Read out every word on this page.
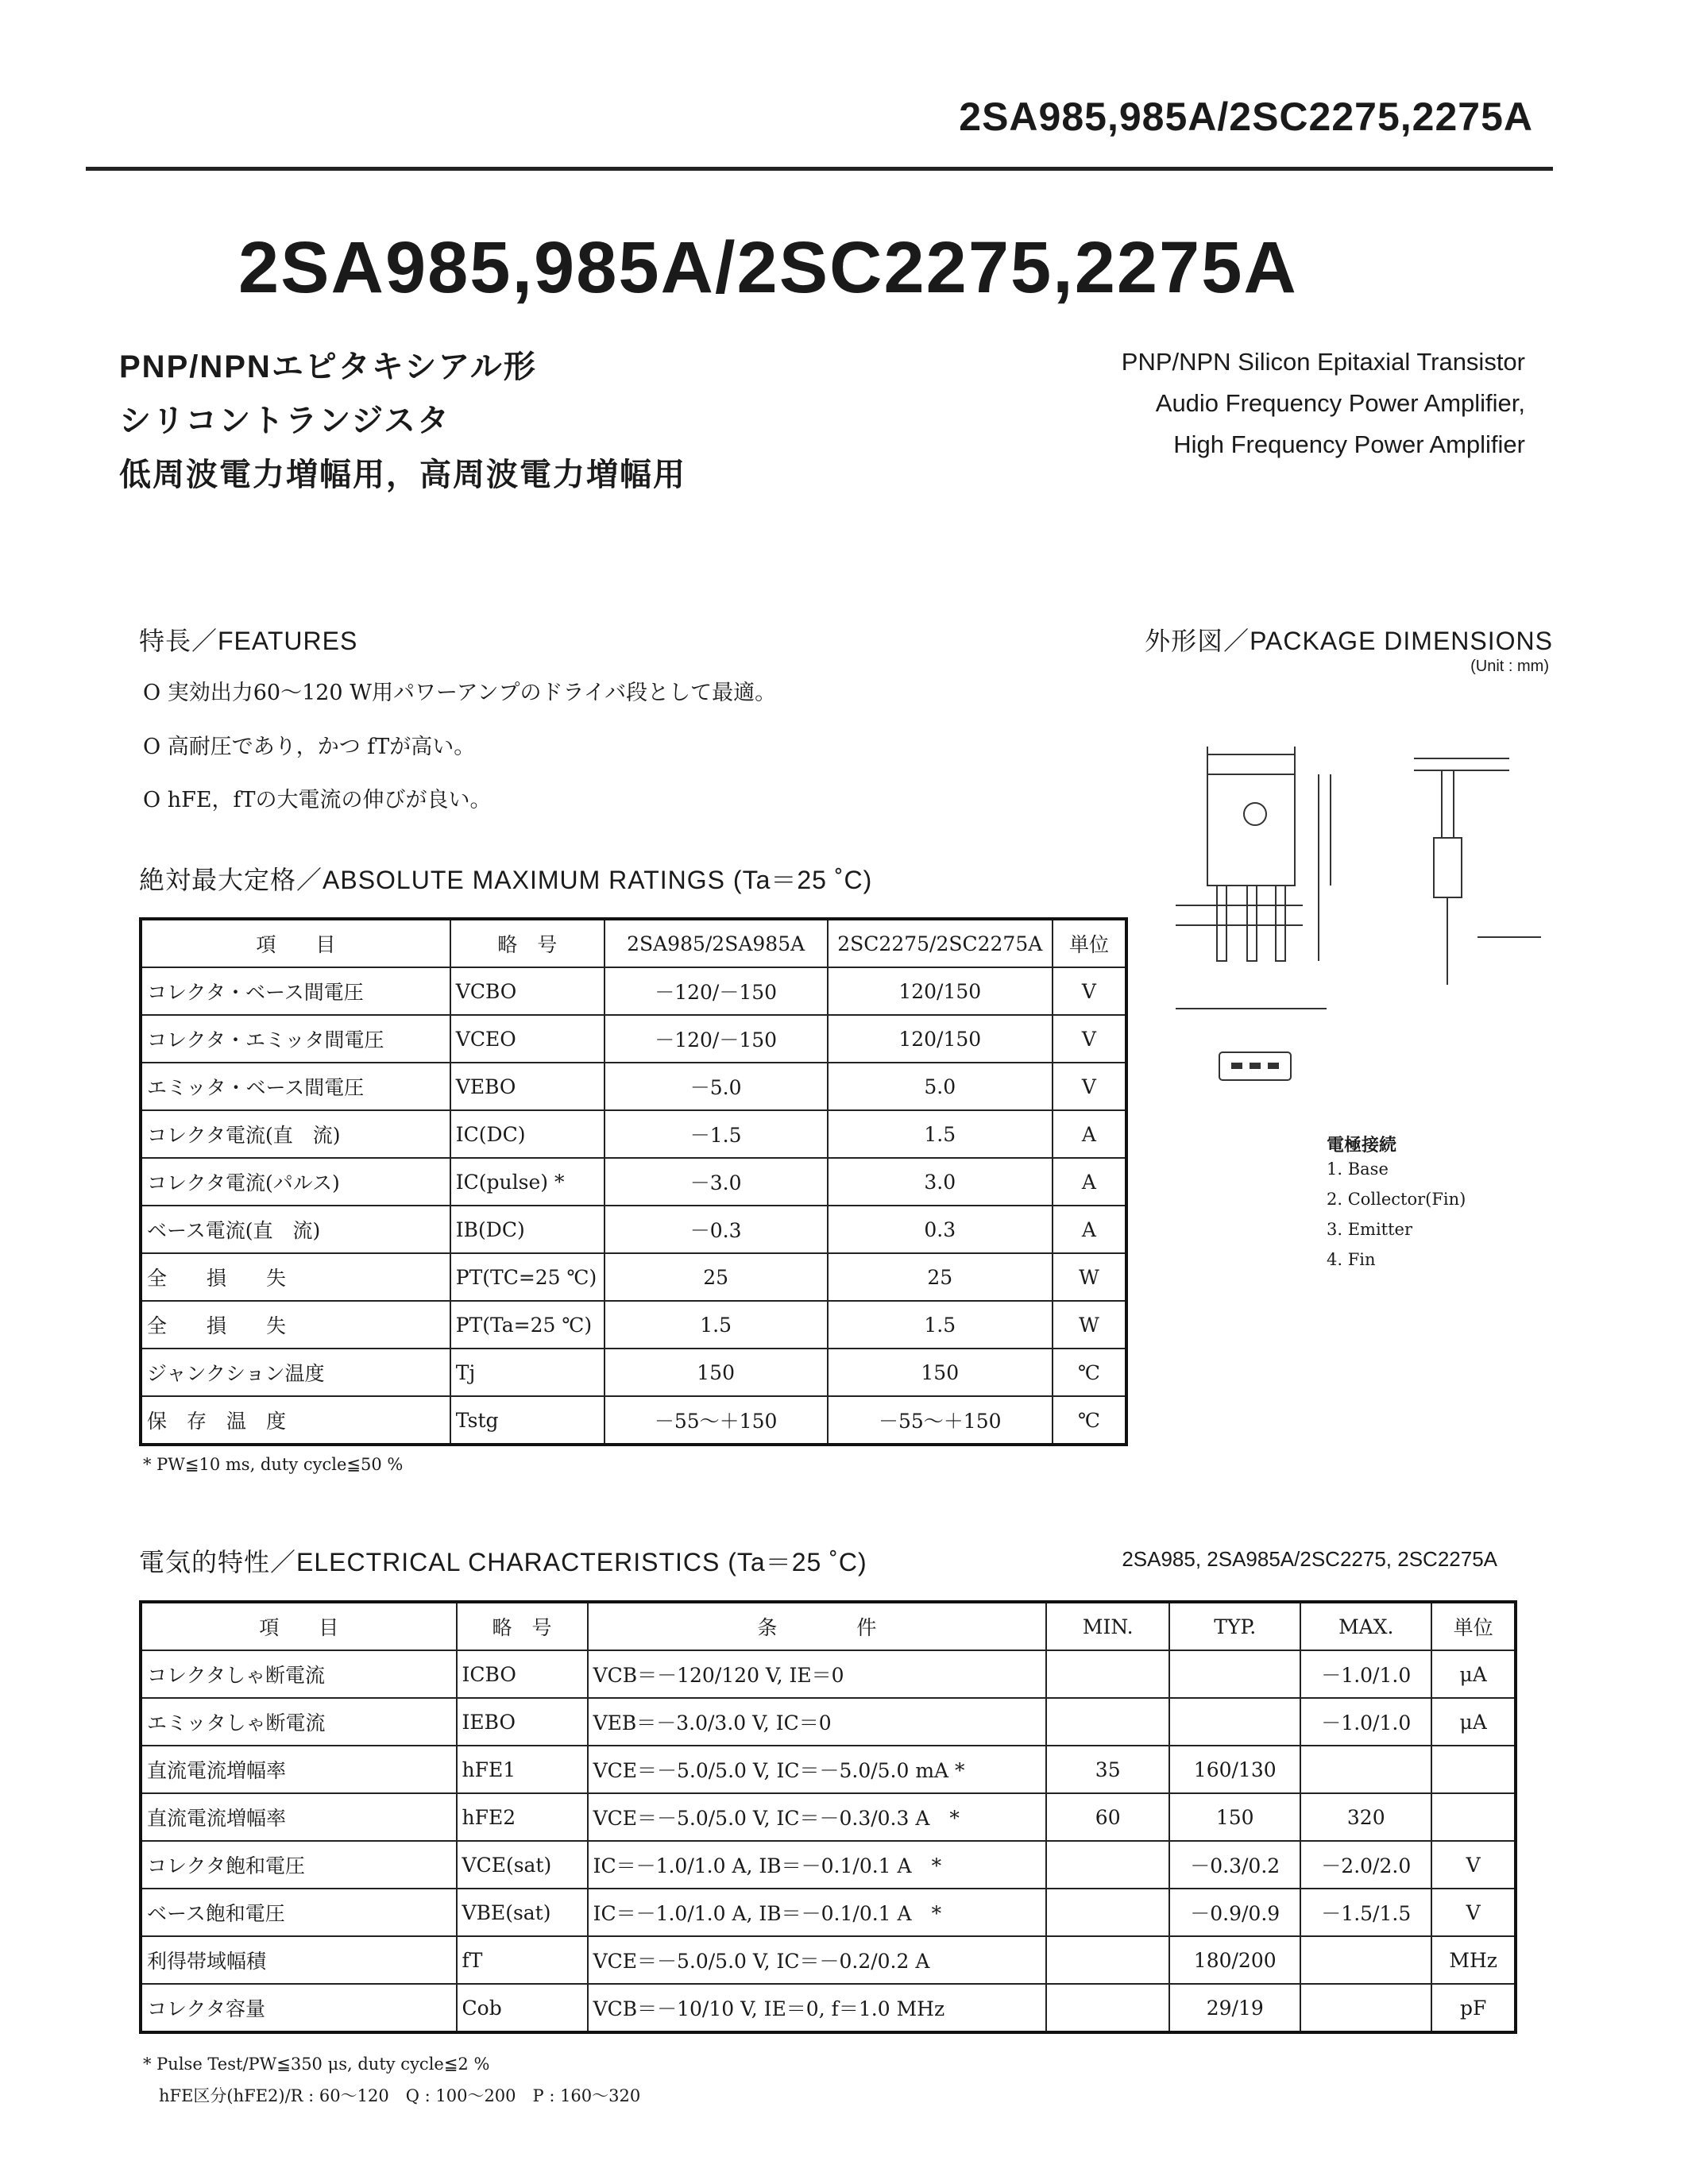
2SA985,985A/2SC2275,2275A
2SA985,985A/2SC2275,2275A
PNP/NPNエピタキシアル形
シリコントランジスタ
低周波電力増幅用，高周波電力増幅用
PNP/NPN Silicon Epitaxial Transistor
Audio Frequency Power Amplifier,
High Frequency Power Amplifier
特長／FEATURES
O 実効出力60～120 W用パワーアンプのドライバ段として最適。
O 高耐圧であり，かつ fTが高い。
O hFE，fTの大電流の伸びが良い。
外形図／PACKAGE DIMENSIONS
(Unit : mm)
電極接続
1. Base
2. Collector(Fin)
3. Emitter
4. Fin
絶対最大定格／ABSOLUTE MAXIMUM RATINGS (Ta＝25 ˚C)
項　　目	略　号	2SA985/2SA985A	2SC2275/2SC2275A	単位
コレクタ・ベース間電圧	VCBO	－120/－150	120/150	V
コレクタ・エミッタ間電圧	VCEO	－120/－150	120/150	V
エミッタ・ベース間電圧	VEBO	－5.0	5.0	V
コレクタ電流(直　流)	IC(DC)	－1.5	1.5	A
コレクタ電流(パルス)	IC(pulse) *	－3.0	3.0	A
ベース電流(直　流)	IB(DC)	－0.3	0.3	A
全　　損　　失	PT(TC=25 ℃)	25	25	W
全　　損　　失	PT(Ta=25 ℃)	1.5	1.5	W
ジャンクション温度	Tj	150	150	℃
保　存　温　度	Tstg	－55～＋150	－55～＋150	℃
* PW≦10 ms, duty cycle≦50 %
電気的特性／ELECTRICAL CHARACTERISTICS (Ta＝25 ˚C)	2SA985, 2SA985A/2SC2275, 2SC2275A
項　　目	略　号	条　　　　件	MIN.	TYP.	MAX.	単位
コレクタしゃ断電流	ICBO	VCB＝－120/120 V, IE＝0			－1.0/1.0	μA
エミッタしゃ断電流	IEBO	VEB＝－3.0/3.0 V, IC＝0			－1.0/1.0	μA
直流電流増幅率	hFE1	VCE＝－5.0/5.0 V, IC＝－5.0/5.0 mA *	35	160/130		
直流電流増幅率	hFE2	VCE＝－5.0/5.0 V, IC＝－0.3/0.3 A　*	60	150	320	
コレクタ飽和電圧	VCE(sat)	IC＝－1.0/1.0 A, IB＝－0.1/0.1 A　*		－0.3/0.2	－2.0/2.0	V
ベース飽和電圧	VBE(sat)	IC＝－1.0/1.0 A, IB＝－0.1/0.1 A　*		－0.9/0.9	－1.5/1.5	V
利得帯域幅積	fT	VCE＝－5.0/5.0 V, IC＝－0.2/0.2 A		180/200		MHz
コレクタ容量	Cob	VCB＝－10/10 V, IE＝0, f＝1.0 MHz		29/19		pF
* Pulse Test/PW≦350 μs, duty cycle≦2 %
hFE区分(hFE2)/R : 60～120　Q : 100～200　P : 160～320
